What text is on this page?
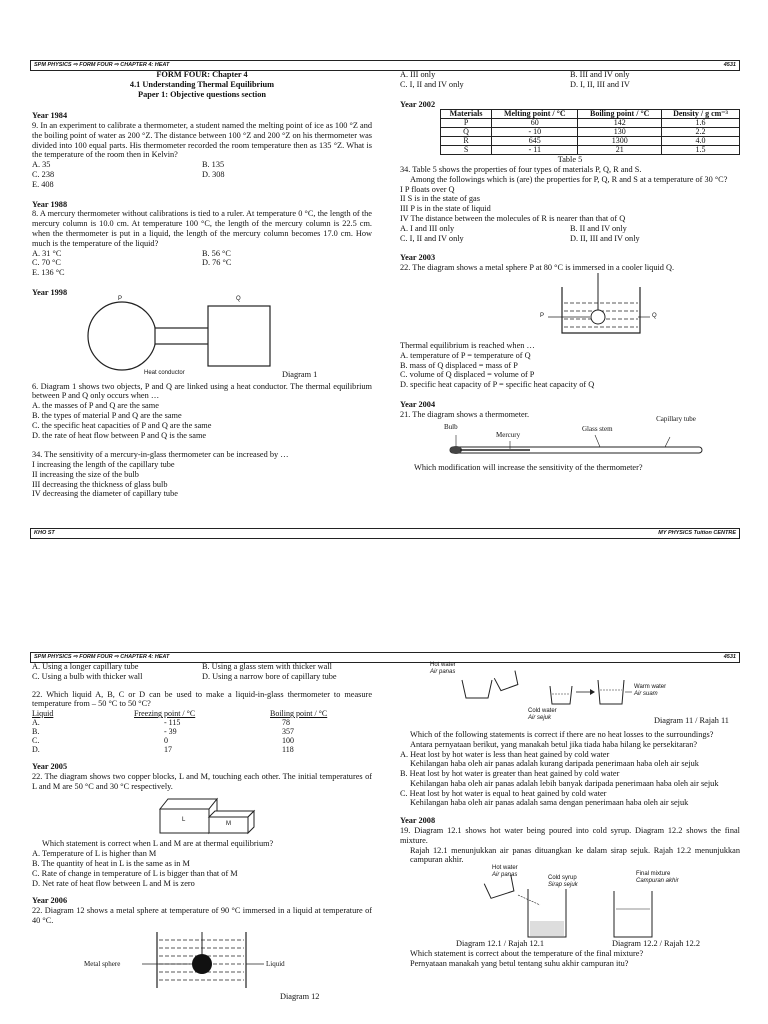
SPM PHYSICS ⇨ FORM FOUR ⇨ CHAPTER 4: HEAT	4531
FORM FOUR: Chapter 4
4.1 Understanding Thermal Equilibrium
Paper 1: Objective questions section
Year 1984
9. In an experiment to calibrate a thermometer, a student named the melting point of ice as 100 °Z and the boiling point of water as 200 °Z. The distance between 100 °Z and 200 °Z on his thermometer was divided into 100 equal parts. His thermometer recorded the room temperature then as 135 °Z. What is the temperature of the room then in Kelvin?
A. 35	B. 135
C. 238	D. 308
E. 408
Year 1988
8. A mercury thermometer without calibrations is tied to a ruler. At temperature 0 °C, the length of the mercury column is 10.0 cm. At temperature 100 °C, the length of the mercury column is 22.5 cm. when the thermometer is put in a liquid, the length of the mercury column becomes 17.0 cm. How much is the temperature of the liquid?
A. 31 °C	B. 56 °C
C. 70 °C	D. 76 °C
E. 136 °C
Year 1998
P	Q
Heat conductor	Diagram 1
6. Diagram 1 shows two objects, P and Q are linked using a heat conductor. The thermal equilibrium between P and Q only occurs when …
A. the masses of P and Q are the same
B. the types of material P and Q are the same
C. the specific heat capacities of P and Q are the same
D. the rate of heat flow between P and Q is the same
34. The sensitivity of a mercury-in-glass thermometer can be increased by …
I increasing the length of the capillary tube
II increasing the size of the bulb
III decreasing the thickness of glass bulb
IV decreasing the diameter of capillary tube
A. III only	B. III and IV only
C. I, II and IV only	D. I, II, III and IV
Year 2002
Materials	Melting point / °C	Boiling point / °C	Density / g cm⁻³
P	60	142	1.6
Q	- 10	130	2.2
R	645	1300	4.0
S	- 11	21	1.5
Table 5
34. Table 5 shows the properties of four types of materials P, Q, R and S.
Among the followings which is (are) the properties for P, Q, R and S at a temperature of 30 °C?
I P floats over Q
II S is in the state of gas
III P is in the state of liquid
IV The distance between the molecules of R is nearer than that of Q
A. I and III only	B. II and IV only
C. I, II and IV only	D. II, III and IV only
Year 2003
22. The diagram shows a metal sphere P at 80 °C is immersed in a cooler liquid Q.
P	Q
Thermal equilibrium is reached when …
A. temperature of P = temperature of Q
B. mass of Q displaced = mass of P
C. volume of Q displaced = volume of P
D. specific heat capacity of P = specific heat capacity of Q
Year 2004
21. The diagram shows a thermometer.
Bulb
Mercury
Glass stem
Capillary tube
Which modification will increase the sensitivity of the thermometer?
KHO ST	MY PHYSICS Tuition CENTRE
SPM PHYSICS ⇨ FORM FOUR ⇨ CHAPTER 4: HEAT	4531
A. Using a longer capillary tube	B. Using a glass stem with thicker wall
C. Using a bulb with thicker wall	D. Using a narrow bore of capillary tube
22. Which liquid A, B, C or D can be used to make a liquid-in-glass thermometer to measure temperature from – 50 °C to 50 °C?
Liquid	Freezing point / °C	Boiling point / °C
A.	- 115	78
B.	- 39	357
C.	0	100
D.	17	118
Year 2005
22. The diagram shows two copper blocks, L and M, touching each other. The initial temperatures of L and M are 50 °C and 30 °C respectively.
L
M
Which statement is correct when L and M are at thermal equilibrium?
A. Temperature of L is higher than M
B. The quantity of heat in L is the same as in M
C. Rate of change in temperature of L is bigger than that of M
D. Net rate of heat flow between L and M is zero
Year 2006
22. Diagram 12 shows a metal sphere at temperature of 90 °C immersed in a liquid at temperature of 40 °C.
Metal sphere	Liquid
Diagram 12
Hot water
Air panas
Cold water
Air sejuk
Warm water
Air suam
Diagram 11 / Rajah 11
Which of the following statements is correct if there are no heat losses to the surroundings?
Antara pernyataan berikut, yang manakah betul jika tiada haba hilang ke persekitaran?
A. Heat lost by hot water is less than heat gained by cold water
Kehilangan haba oleh air panas adalah kurang daripada penerimaan haba oleh air sejuk
B. Heat lost by hot water is greater than heat gained by cold water
Kehilangan haba oleh air panas adalah lebih banyak daripada penerimaan haba oleh air sejuk
C. Heat lost by hot water is equal to heat gained by cold water
Kehilangan haba oleh air panas adalah sama dengan penerimaan haba oleh air sejuk
Year 2008
19. Diagram 12.1 shows hot water being poured into cold syrup. Diagram 12.2 shows the final mixture.
Rajah 12.1 menunjukkan air panas dituangkan ke dalam sirap sejuk. Rajah 12.2 menunjukkan campuran akhir.
Hot water
Air panas	Cold syrup
Sirap sejuk
Final mixture
Campuran akhir
Diagram 12.1 / Rajah 12.1	Diagram 12.2 / Rajah 12.2
Which statement is correct about the temperature of the final mixture?
Pernyataan manakah yang betul tentang suhu akhir campuran itu?
